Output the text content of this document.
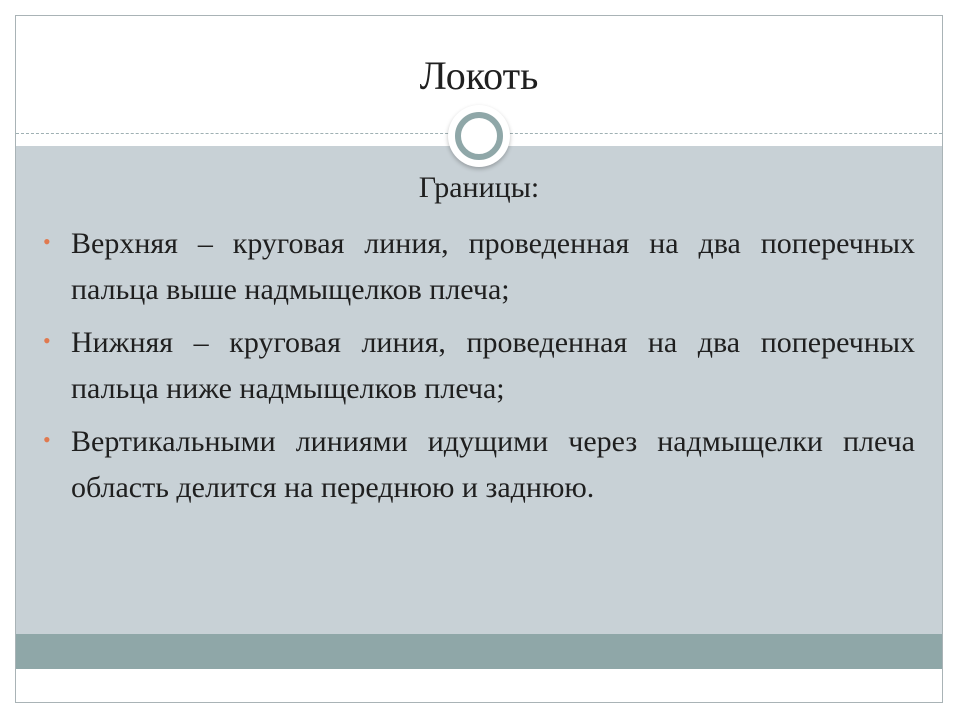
Локоть
Границы:
• Верхняя – круговая линия, проведенная на два поперечных пальца выше надмыщелков плеча;
• Нижняя – круговая линия, проведенная на два поперечных пальца ниже надмыщелков плеча;
• Вертикальными линиями идущими через надмыщелки плеча область делится на переднюю и заднюю.
